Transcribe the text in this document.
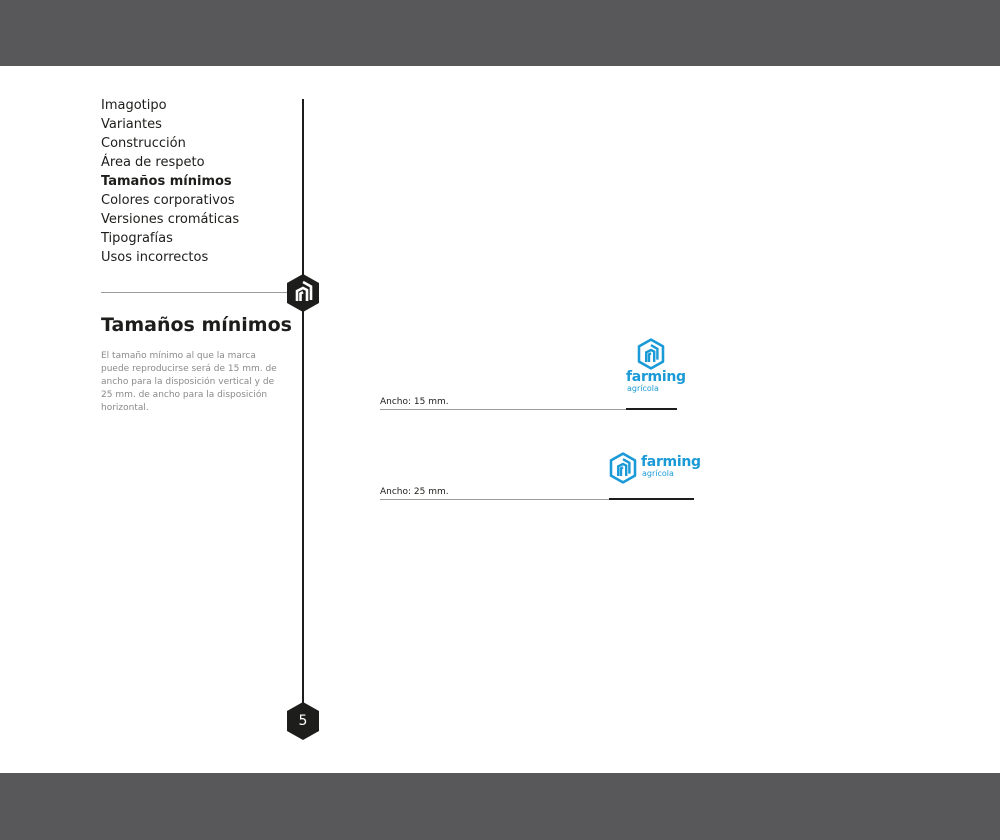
Imagotipo
Variantes
Construcción
Área de respeto
Tamaños mínimos
Colores corporativos
Versiones cromáticas
Tipografías
Usos incorrectos
5
Tamaños mínimos
El tamaño mínimo al que la marca puede reproducirse será de 15 mm. de ancho para la disposición vertical y de 25 mm. de ancho para la disposición horizontal.
farming
agrícola
Ancho: 15 mm.
farming
agrícola
Ancho: 25 mm.
